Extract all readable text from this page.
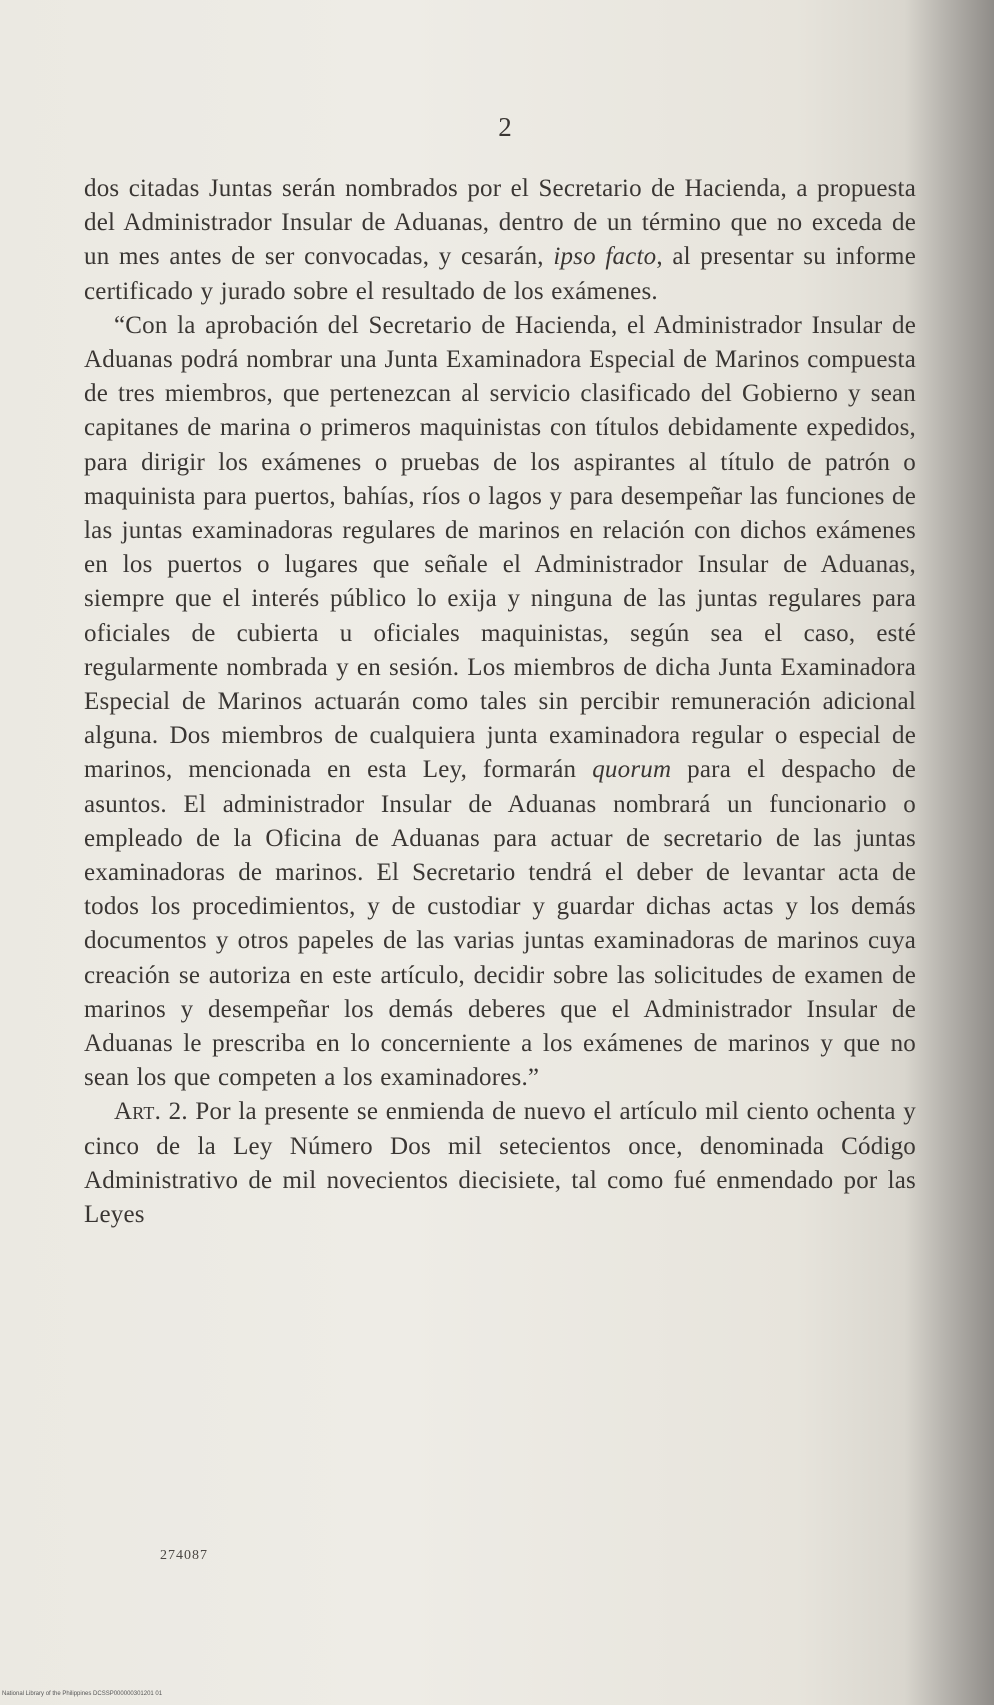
2

dos citadas Juntas serán nombrados por el Secretario de Hacienda, a propuesta del Administrador Insular de Aduanas, dentro de un término que no exceda de un mes antes de ser convocadas, y cesarán, ipso facto, al presentar su informe certificado y jurado sobre el resultado de los exámenes.

“Con la aprobación del Secretario de Hacienda, el Administrador Insular de Aduanas podrá nombrar una Junta Examinadora Especial de Marinos compuesta de tres miembros, que pertenezcan al servicio clasificado del Gobierno y sean capitanes de marina o primeros maquinistas con títulos debidamente expedidos, para dirigir los exámenes o pruebas de los aspirantes al título de patrón o maquinista para puertos, bahías, ríos o lagos y para desempeñar las funciones de las juntas examinadoras regulares de marinos en relación con dichos exámenes en los puertos o lugares que señale el Administrador Insular de Aduanas, siempre que el interés público lo exija y ninguna de las juntas regulares para oficiales de cubierta u oficiales maquinistas, según sea el caso, esté regularmente nombrada y en sesión. Los miembros de dicha Junta Examinadora Especial de Marinos actuarán como tales sin percibir remuneración adicional alguna. Dos miembros de cualquiera junta examinadora regular o especial de marinos, mencionada en esta Ley, formarán quorum para el despacho de asuntos. El administrador Insular de Aduanas nombrará un funcionario o empleado de la Oficina de Aduanas para actuar de secretario de las juntas examinadoras de marinos. El Secretario tendrá el deber de levantar acta de todos los procedimientos, y de custodiar y guardar dichas actas y los demás documentos y otros papeles de las varias juntas examinadoras de marinos cuya creación se autoriza en este artículo, decidir sobre las solicitudes de examen de marinos y desempeñar los demás deberes que el Administrador Insular de Aduanas le prescriba en lo concerniente a los exámenes de marinos y que no sean los que competen a los examinadores.”

Art. 2. Por la presente se enmienda de nuevo el artículo mil ciento ochenta y cinco de la Ley Número Dos mil setecientos once, denominada Código Administrativo de mil novecientos diecisiete, tal como fué enmendado por las Leyes

274087
National Library of the Philippines DCSSP000000301201 01
